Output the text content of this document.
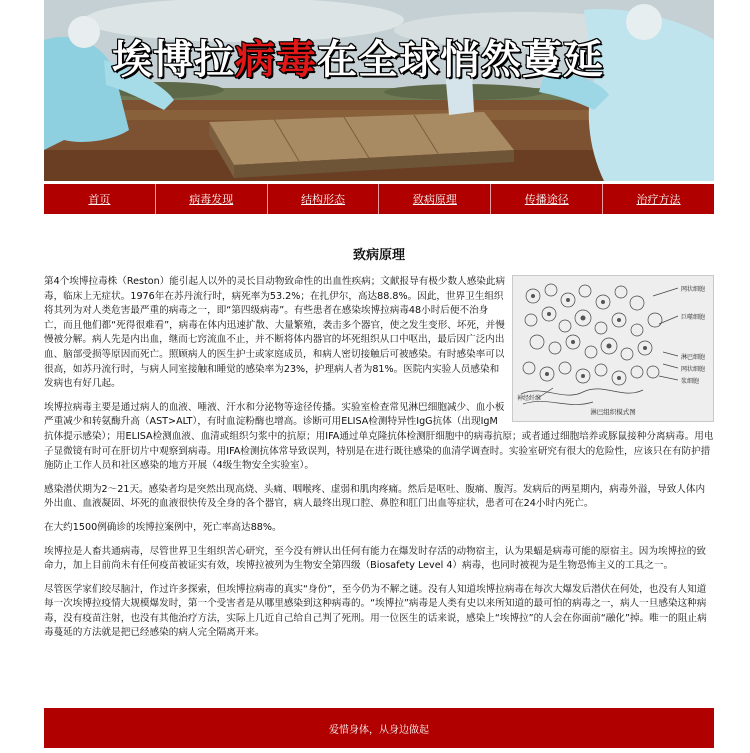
埃博拉病毒在全球悄然蔓延
首页	病毒发现	结构形态	致病原理	传播途径	治疗方法
致病原理
网状细胞
巨噬细胞
淋巴细胞
网状细胞
浆细胞
神经纤维
淋巴组织模式图

第4个埃博拉毒株（Reston）能引起人以外的灵长目动物致命性的出血性疾病；文献报导有极少数人感染此病毒，临床上无症状。1976年在苏丹流行时，病死率为53.2%；在扎伊尔，高达88.8%。因此，世界卫生组织将其列为对人类危害最严重的病毒之一，即“第四级病毒”。有些患者在感染埃博拉病毒48小时后便不治身亡，而且他们都“死得很难看”，病毒在体内迅速扩散、大量繁殖，袭击多个器官，使之发生变形、坏死，并慢慢被分解。病人先是内出血，继而七窍流血不止，并不断将体内器官的坏死组织从口中呕出，最后因广泛内出血、脑部受损等原因而死亡。照顾病人的医生护士或家庭成员，和病人密切接触后可被感染。有时感染率可以很高，如苏丹流行时，与病人同室接触和睡觉的感染率为23%，护理病人者为81%。医院内实验人员感染和发病也有好几起。

埃博拉病毒主要是通过病人的血液、唾液、汗水和分泌物等途径传播。实验室检查常见淋巴细胞减少、血小板严重减少和转氨酶升高（AST>ALT），有时血淀粉酶也增高。诊断可用ELISA检测特异性IgG抗体（出现IgM抗体提示感染）；用ELISA检测血液、血清或组织匀浆中的抗原；用IFA通过单克隆抗体检测肝细胞中的病毒抗原；或者通过细胞培养或豚鼠接种分离病毒。用电子显微镜有时可在肝切片中观察到病毒。用IFA检测抗体常导致误判，特别是在进行既往感染的血清学调查时。实验室研究有很大的危险性，应该只在有防护措施防止工作人员和社区感染的地方开展（4级生物安全实验室）。

感染潜伏期为2～21天。感染者均是突然出现高烧、头痛、咽喉疼、虚弱和肌肉疼痛。然后是呕吐、腹痛、腹泻。发病后的两星期内，病毒外溢，导致人体内外出血、血液凝固、坏死的血液很快传及全身的各个器官，病人最终出现口腔、鼻腔和肛门出血等症状，患者可在24小时内死亡。

在大约1500例确诊的埃博拉案例中，死亡率高达88%。

埃博拉是人畜共通病毒，尽管世界卫生组织苦心研究，至今没有辨认出任何有能力在爆发时存活的动物宿主，认为果蝠是病毒可能的原宿主。因为埃博拉的致命力，加上目前尚未有任何疫苗被证实有效，埃博拉被列为生物安全第四级（Biosafety Level 4）病毒，也同时被视为是生物恐怖主义的工具之一。

尽管医学家们绞尽脑汁，作过许多探索，但埃博拉病毒的真实“身份”，至今仍为不解之谜。没有人知道埃博拉病毒在每次大爆发后潜伏在何处，也没有人知道每一次埃博拉疫情大规模爆发时，第一个受害者是从哪里感染到这种病毒的。“埃博拉”病毒是人类有史以来所知道的最可怕的病毒之一，病人一旦感染这种病毒，没有疫苗注射，也没有其他治疗方法，实际上几近自己给自己判了死刑。用一位医生的话来说，感染上“埃博拉”的人会在你面前“融化”掉。唯一的阻止病毒蔓延的方法就是把已经感染的病人完全隔离开来。

爱惜身体，从身边做起
